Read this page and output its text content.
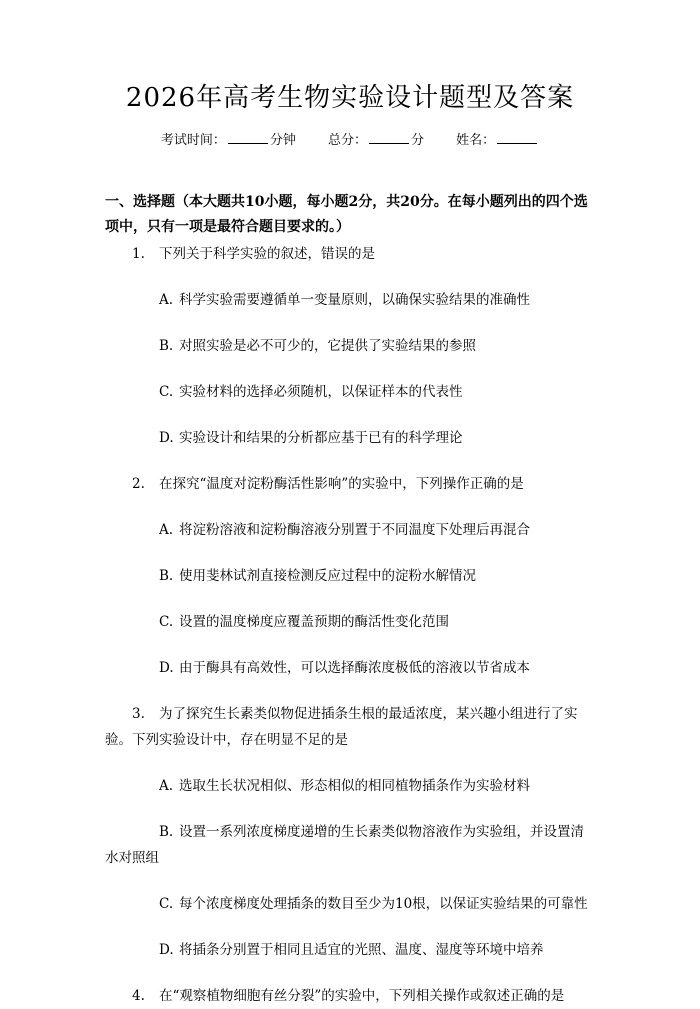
2026年高考生物实验设计题型及答案
考试时间：	分钟 总分：	分 姓名：

一、选择题（本大题共10小题，每小题2分，共20分。在每小题列出的四个选项中，只有一项是最符合题目要求的。）

1. 下列关于科学实验的叙述，错误的是

A. 科学实验需要遵循单一变量原则，以确保实验结果的准确性

B. 对照实验是必不可少的，它提供了实验结果的参照

C. 实验材料的选择必须随机，以保证样本的代表性

D. 实验设计和结果的分析都应基于已有的科学理论

2. 在探究“温度对淀粉酶活性影响”的实验中，下列操作正确的是

A. 将淀粉溶液和淀粉酶溶液分别置于不同温度下处理后再混合

B. 使用斐林试剂直接检测反应过程中的淀粉水解情况

C. 设置的温度梯度应覆盖预期的酶活性变化范围

D. 由于酶具有高效性，可以选择酶浓度极低的溶液以节省成本

3. 为了探究生长素类似物促进插条生根的最适浓度，某兴趣小组进行了实验。下列实验设计中，存在明显不足的是

A. 选取生长状况相似、形态相似的相同植物插条作为实验材料

B. 设置一系列浓度梯度递增的生长素类似物溶液作为实验组，并设置清水对照组

C. 每个浓度梯度处理插条的数目至少为10根，以保证实验结果的可靠性

D. 将插条分别置于相同且适宜的光照、温度、湿度等环境中培养

4. 在“观察植物细胞有丝分裂”的实验中，下列相关操作或叙述正确的是
